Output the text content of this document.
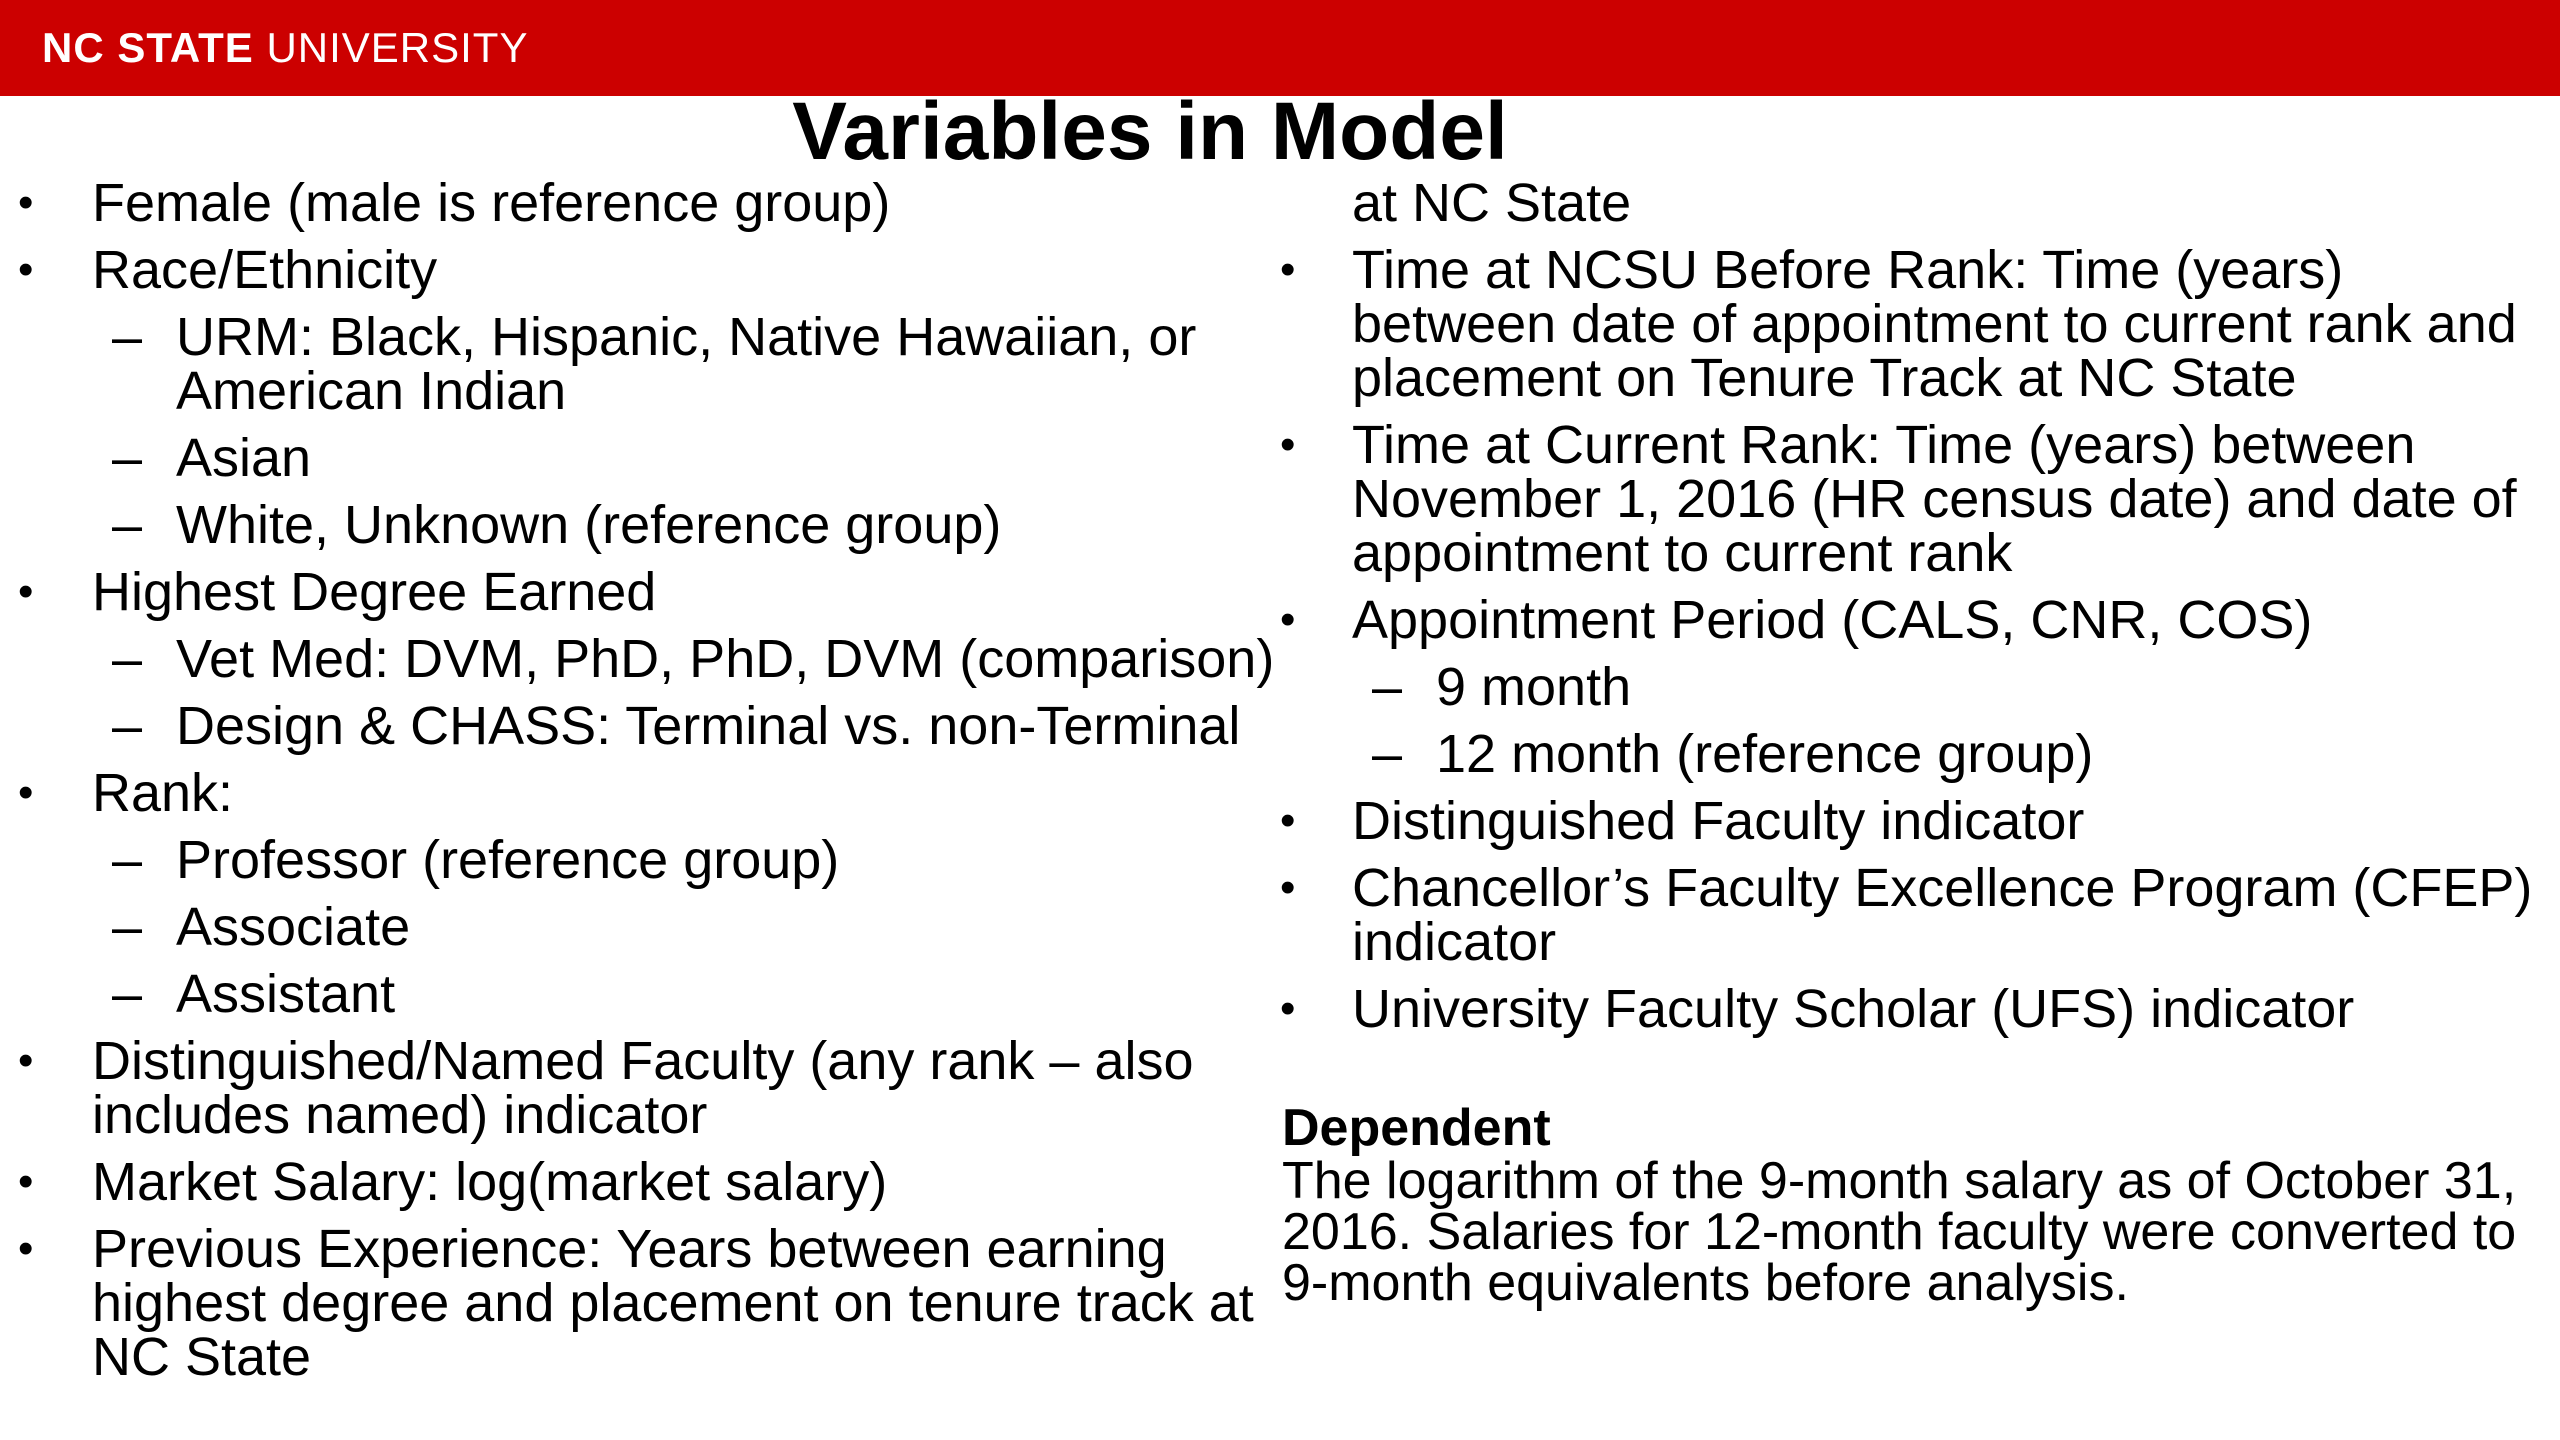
NC STATE UNIVERSITY
Variables in Model
• Female (male is reference group)
• Race/Ethnicity
– URM: Black, Hispanic, Native Hawaiian, or American Indian
– Asian
– White, Unknown (reference group)
• Highest Degree Earned
– Vet Med: DVM, PhD, PhD, DVM (comparison)
– Design & CHASS: Terminal vs. non-Terminal
• Rank:
– Professor (reference group)
– Associate
– Assistant
• Distinguished/Named Faculty (any rank – also includes named) indicator
• Market Salary: log(market salary)
• Previous Experience: Years between earning highest degree and placement on tenure track at NC State
at NC State
• Time at NCSU Before Rank: Time (years) between date of appointment to current rank and placement on Tenure Track at NC State
• Time at Current Rank: Time (years) between November 1, 2016 (HR census date) and date of appointment to current rank
• Appointment Period (CALS, CNR, COS)
– 9 month
– 12 month (reference group)
• Distinguished Faculty indicator
• Chancellor’s Faculty Excellence Program (CFEP) indicator
• University Faculty Scholar (UFS) indicator
Dependent

The logarithm of the 9-month salary as of October 31, 2016. Salaries for 12-month faculty were converted to 9-month equivalents before analysis.
